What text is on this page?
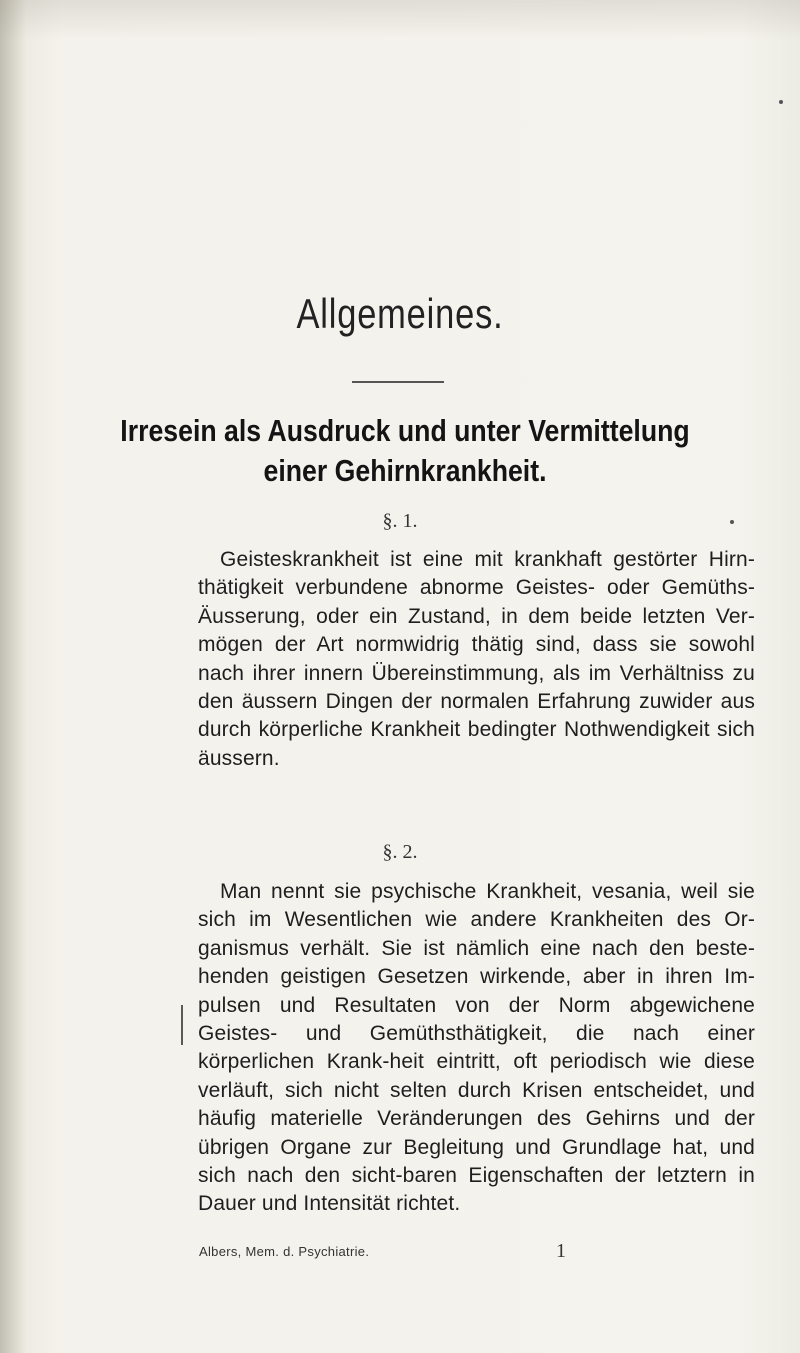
Allgemeines.
Irresein als Ausdruck und unter Vermittelung einer Gehirnkrankheit.

§. 1.

Geisteskrankheit ist eine mit krankhaft gestörter Hirn-thätigkeit verbundene abnorme Geistes- oder Gemüths-Äusserung, oder ein Zustand, in dem beide letzten Ver-mögen der Art normwidrig thätig sind, dass sie sowohl nach ihrer innern Übereinstimmung, als im Verhältniss zu den äussern Dingen der normalen Erfahrung zuwider aus durch körperliche Krankheit bedingter Nothwendigkeit sich äussern.

§. 2.

Man nennt sie psychische Krankheit, vesania, weil sie sich im Wesentlichen wie andere Krankheiten des Or-ganismus verhält. Sie ist nämlich eine nach den beste-henden geistigen Gesetzen wirkende, aber in ihren Im-pulsen und Resultaten von der Norm abgewichene Geistes- und Gemüthsthätigkeit, die nach einer körperlichen Krank-heit eintritt, oft periodisch wie diese verläuft, sich nicht selten durch Krisen entscheidet, und häufig materielle Veränderungen des Gehirns und der übrigen Organe zur Begleitung und Grundlage hat, und sich nach den sicht-baren Eigenschaften der letztern in Dauer und Intensität richtet.

Albers, Mem. d. Psychiatrie.	1
